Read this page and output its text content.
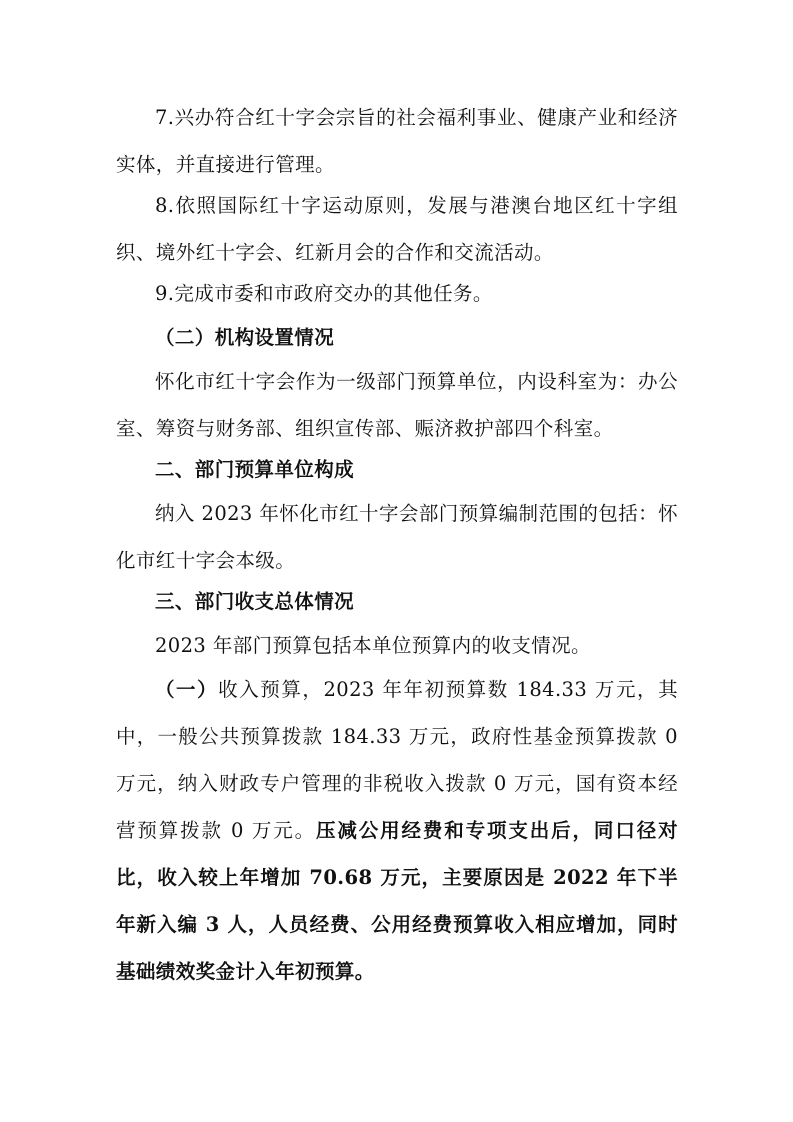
7.兴办符合红十字会宗旨的社会福利事业、健康产业和经济实体，并直接进行管理。

8.依照国际红十字运动原则，发展与港澳台地区红十字组织、境外红十字会、红新月会的合作和交流活动。

9.完成市委和市政府交办的其他任务。

（二）机构设置情况

怀化市红十字会作为一级部门预算单位，内设科室为：办公室、筹资与财务部、组织宣传部、赈济救护部四个科室。

二、部门预算单位构成

纳入 2023 年怀化市红十字会部门预算编制范围的包括：怀化市红十字会本级。

三、部门收支总体情况

2023 年部门预算包括本单位预算内的收支情况。

（一）收入预算，2023 年年初预算数 184.33 万元，其中，一般公共预算拨款 184.33 万元，政府性基金预算拨款 0 万元，纳入财政专户管理的非税收入拨款 0 万元，国有资本经营预算拨款 0 万元。压减公用经费和专项支出后，同口径对比，收入较上年增加 70.68 万元，主要原因是 2022 年下半年新入编 3 人，人员经费、公用经费预算收入相应增加，同时基础绩效奖金计入年初预算。
